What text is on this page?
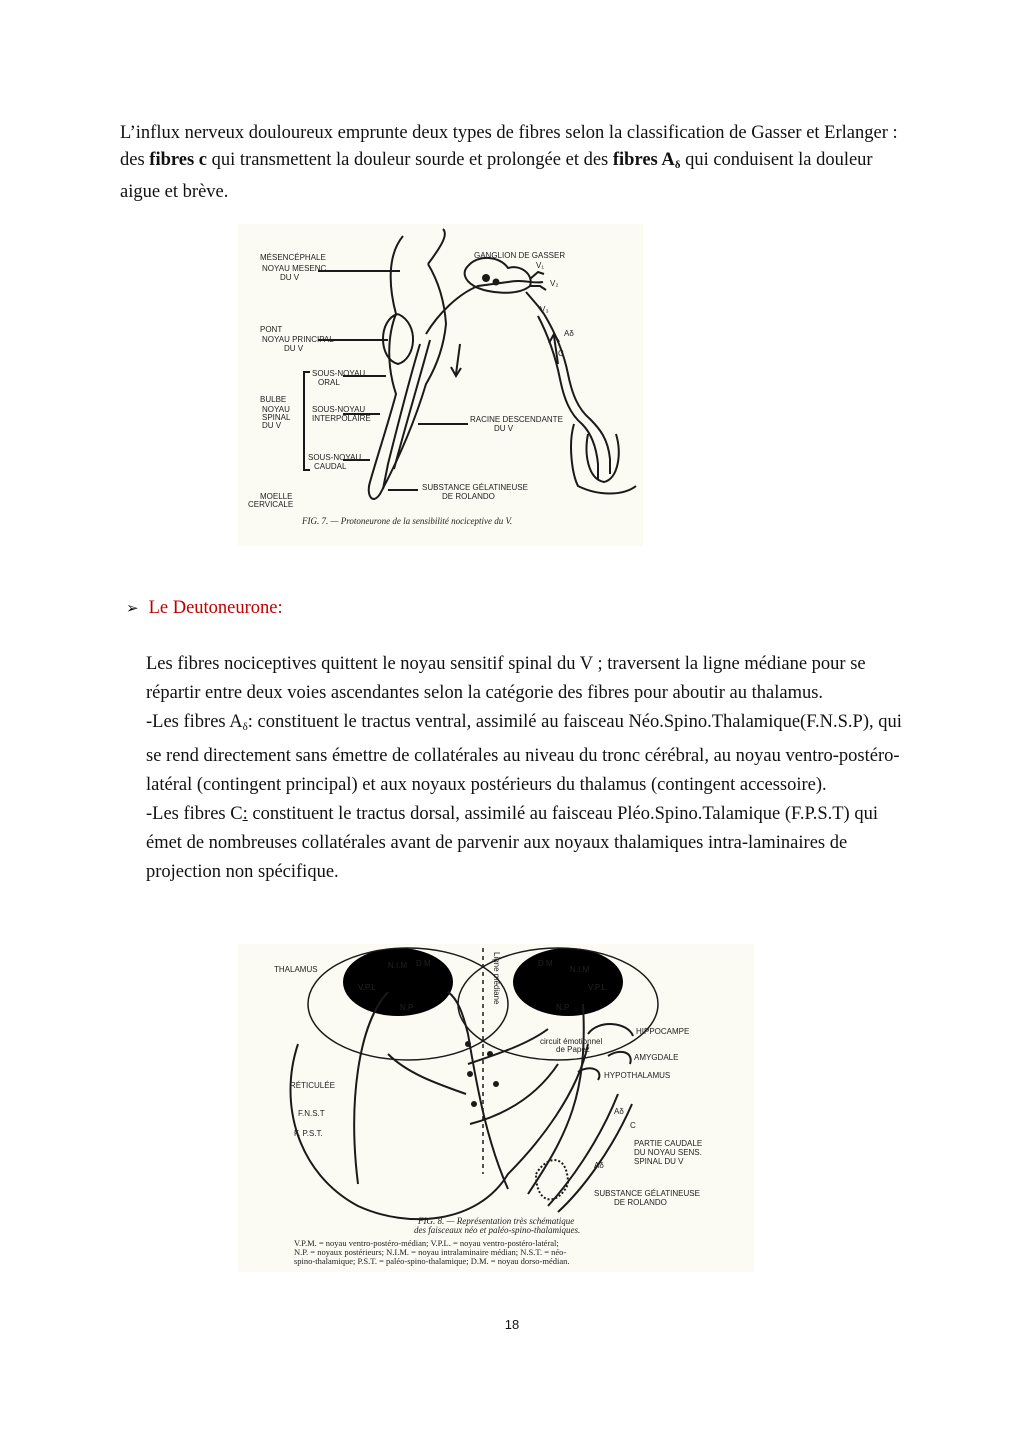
L’influx nerveux douloureux emprunte deux types de fibres selon la classification de Gasser et Erlanger : des fibres c qui transmettent la douleur sourde et prolongée et des fibres $A_\delta$ qui conduisent la douleur aigue et brève.

MÉSENCÉPHALE
NOYAU MESENC.
DU V
PONT
NOYAU PRINCIPAL
DU V
SOUS-NOYAU
ORAL
BULBE
NOYAU
SPINAL
DU V
SOUS-NOYAU
INTERPOLAIRE
SOUS-NOYAU
CAUDAL
MOELLE
CERVICALE
GANGLION DE GASSER
V₁
V₂
V₃
Aδ
C
RACINE DESCENDANTE
DU V
SUBSTANCE GÉLATINEUSE
DE ROLANDO
FIG. 7. — Protoneurone de la sensibilité nociceptive du V.

➢ Le Deutoneurone:

Les fibres nociceptives quittent le noyau sensitif spinal du V ; traversent la ligne médiane pour se répartir entre deux voies ascendantes selon la catégorie des fibres pour aboutir au thalamus.
-Les fibres $A_\delta$: constituent le tractus ventral, assimilé au faisceau Néo.Spino.Thalamique(F.N.S.P), qui se rend directement sans émettre de collatérales au niveau du tronc cérébral, au noyau ventro-postéro-latéral (contingent principal) et aux noyaux postérieurs du thalamus (contingent accessoire).
-Les fibres C: constituent le tractus dorsal, assimilé au faisceau Pléo.Spino.Talamique (F.P.S.T) qui émet de nombreuses collatérales avant de parvenir aux noyaux thalamiques intra-laminaires de projection non spécifique.

THALAMUS
V.P.L
N.I.M D M
N.P
Ligne médiane	D M
N.I.M
V.P.L
N.P
HIPPOCAMPE
circuit émotionnel
de Papez
AMYGDALE
HYPOTHALAMUS
RÉTICULÉE
F.N.S.T
F. P.S.T.
Aδ
C
PARTIE CAUDALE
DU NOYAU SENS.
SPINAL DU V
Aδ
SUBSTANCE GÉLATINEUSE
DE ROLANDO
FIG. 8. — Représentation très schématique
des faisceaux néo et paléo-spino-thalamiques.
V.P.M. = noyau ventro-postéro-médian; V.P.L. = noyau ventro-postéro-latéral;
N.P. = noyaux postérieurs; N.I.M. = noyau intralaminaire médian; N.S.T. = néo-
spino-thalamique; P.S.T. = paléo-spino-thalamique; D.M. = noyau dorso-médian.
18
